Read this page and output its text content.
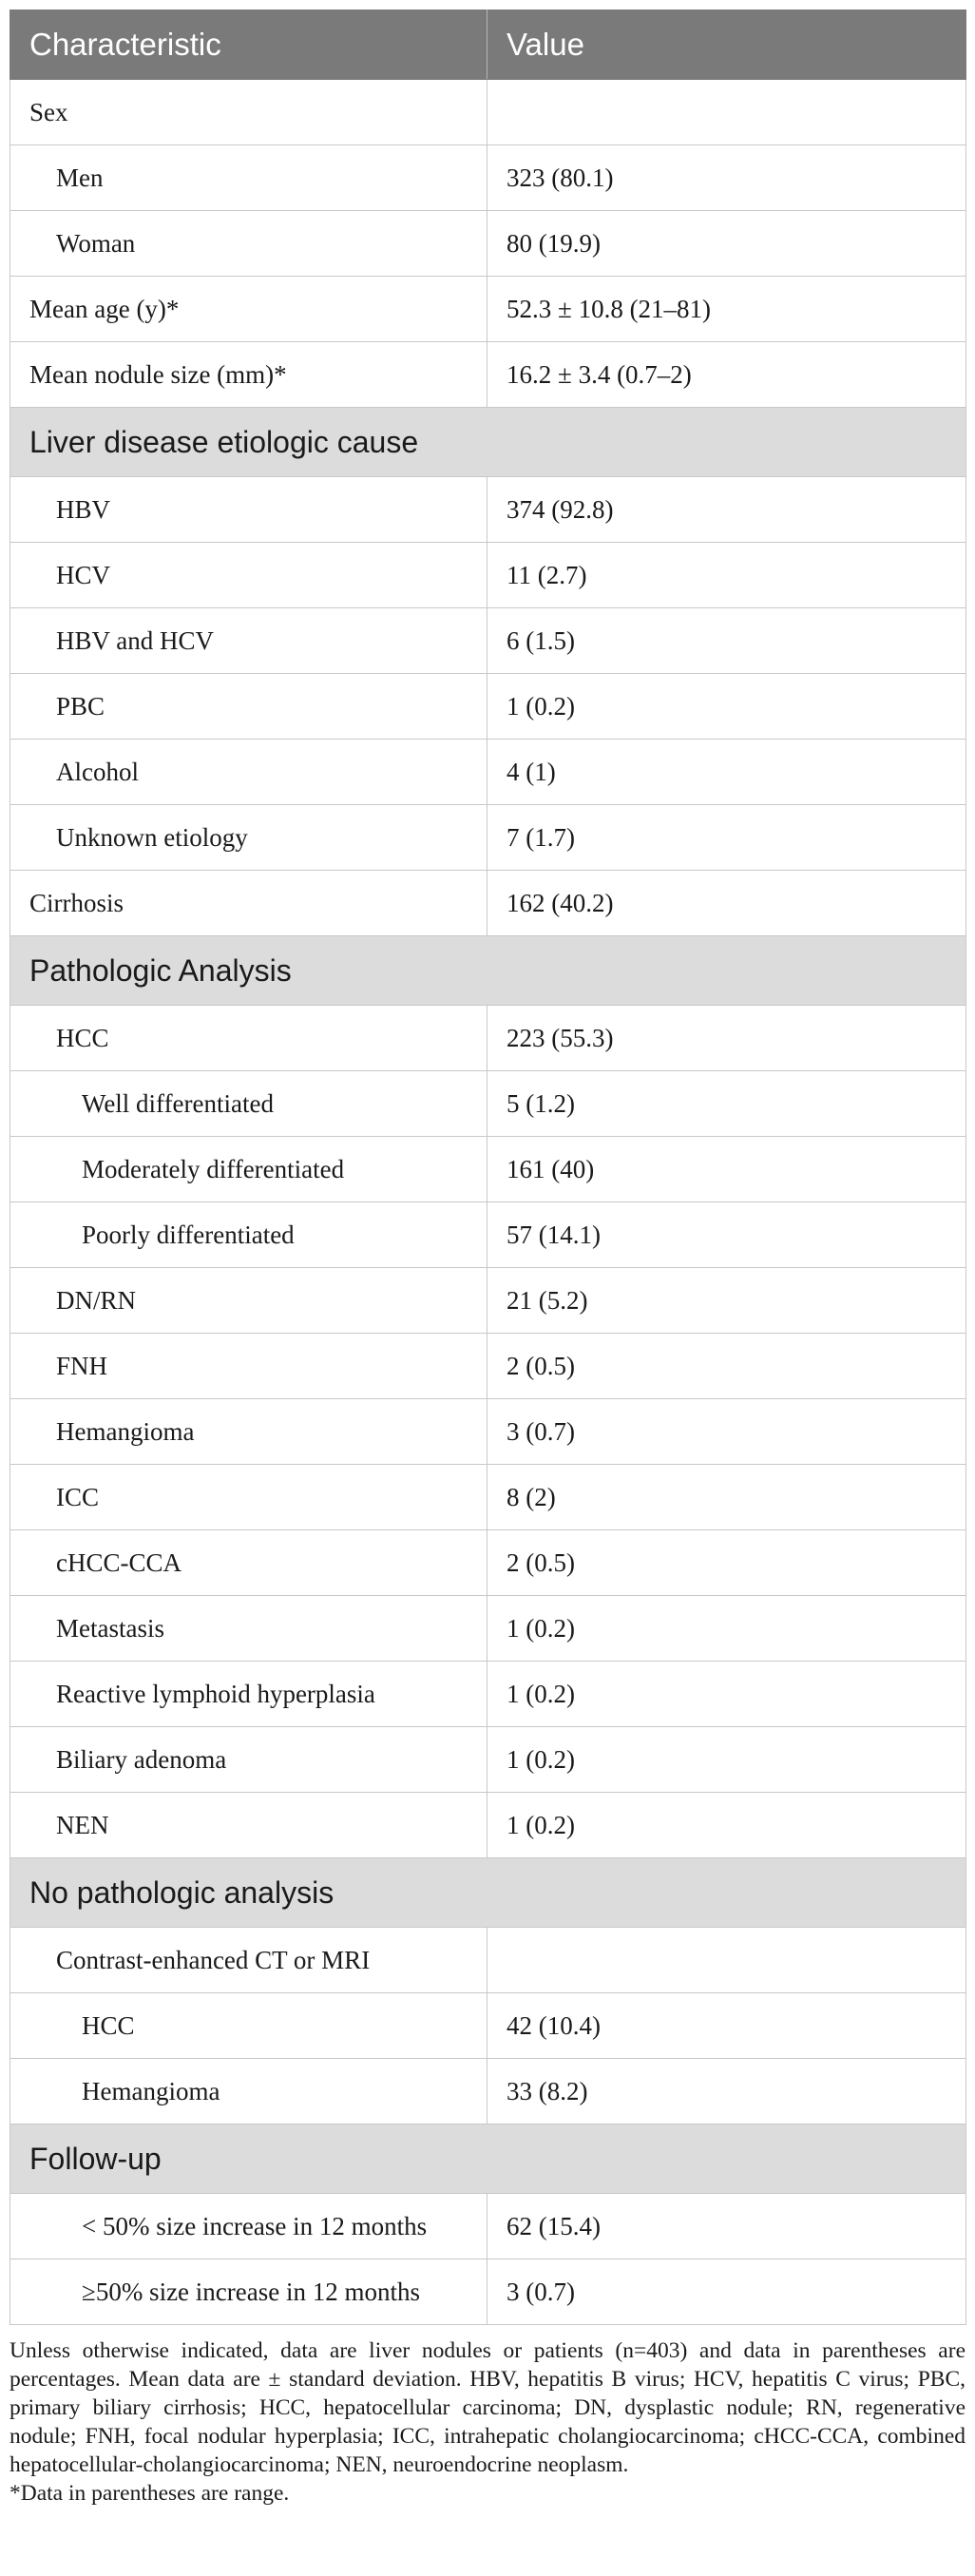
Characteristic	Value
Sex	
Men	323 (80.1)
Woman	80 (19.9)
Mean age (y)*	52.3 ± 10.8 (21–81)
Mean nodule size (mm)*	16.2 ± 3.4 (0.7–2)
Liver disease etiologic cause	
HBV	374 (92.8)
HCV	11 (2.7)
HBV and HCV	6 (1.5)
PBC	1 (0.2)
Alcohol	4 (1)
Unknown etiology	7 (1.7)
Cirrhosis	162 (40.2)
Pathologic Analysis	
HCC	223 (55.3)
Well differentiated	5 (1.2)
Moderately differentiated	161 (40)
Poorly differentiated	57 (14.1)
DN/RN	21 (5.2)
FNH	2 (0.5)
Hemangioma	3 (0.7)
ICC	8 (2)
cHCC-CCA	2 (0.5)
Metastasis	1 (0.2)
Reactive lymphoid hyperplasia	1 (0.2)
Biliary adenoma	1 (0.2)
NEN	1 (0.2)
No pathologic analysis	
Contrast-enhanced CT or MRI	
HCC	42 (10.4)
Hemangioma	33 (8.2)
Follow-up	
< 50% size increase in 12 months	62 (15.4)
≥50% size increase in 12 months	3 (0.7)

Unless otherwise indicated, data are liver nodules or patients (n=403) and data in parentheses are percentages. Mean data are ± standard deviation. HBV, hepatitis B virus; HCV, hepatitis C virus; PBC, primary biliary cirrhosis; HCC, hepatocellular carcinoma; DN, dysplastic nodule; RN, regenerative nodule; FNH, focal nodular hyperplasia; ICC, intrahepatic cholangiocarcinoma; cHCC-CCA, combined hepatocellular-cholangiocarcinoma; NEN, neuroendocrine neoplasm.

*Data in parentheses are range.
